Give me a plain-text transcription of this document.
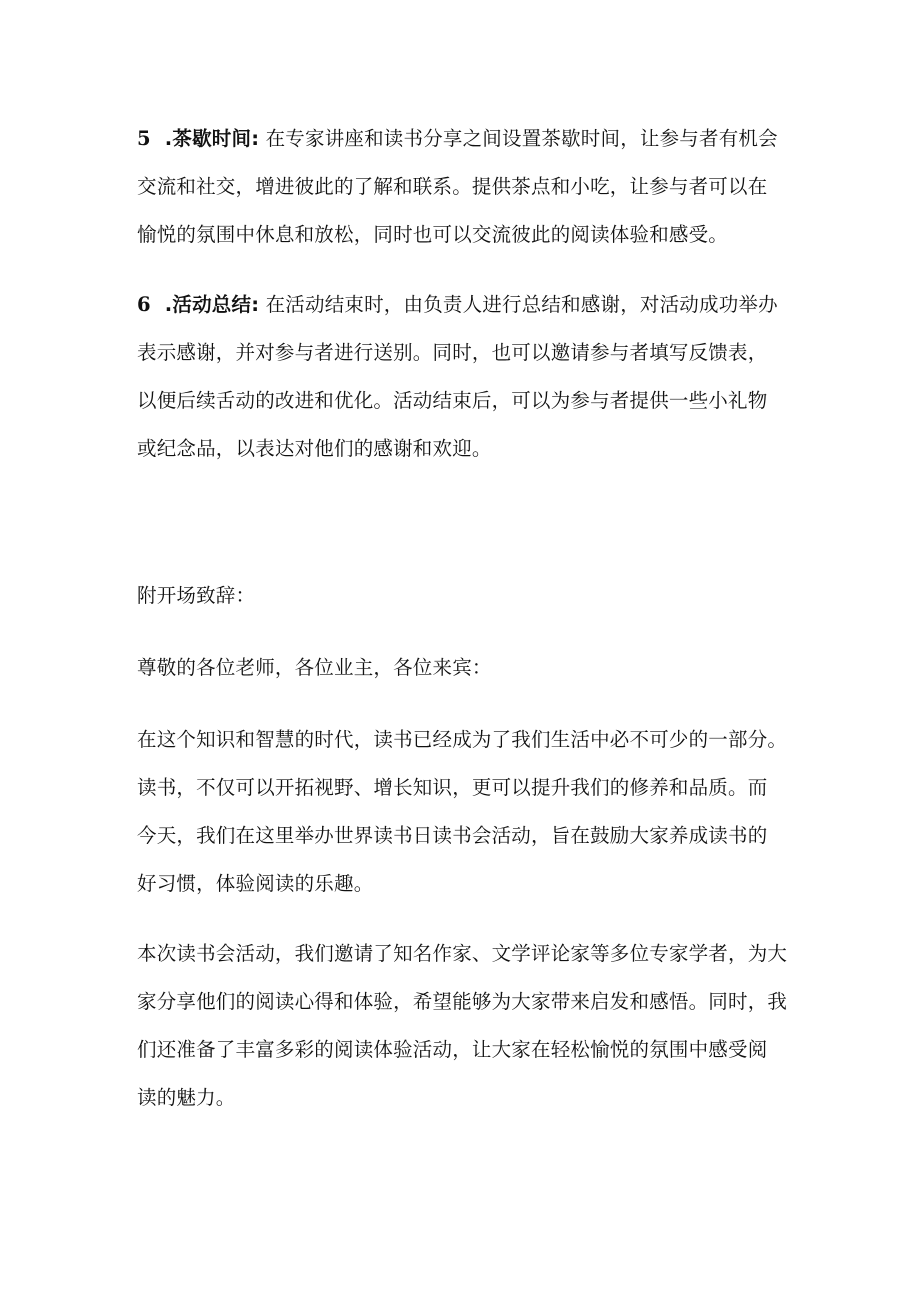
5 .茶歇时间: 在专家讲座和读书分享之间设置茶歇时间，让参与者有机会
交流和社交，增进彼此的了解和联系。提供茶点和小吃，让参与者可以在
愉悦的氛围中休息和放松，同时也可以交流彼此的阅读体验和感受。
6 .活动总结: 在活动结束时，由负责人进行总结和感谢，对活动成功举办
表示感谢，并对参与者进行送别。同时，也可以邀请参与者填写反馈表，
以便后续舌动的改进和优化。活动结束后，可以为参与者提供一些小礼物
或纪念品，以表达对他们的感谢和欢迎。
附开场致辞：
尊敬的各位老师，各位业主，各位来宾：
在这个知识和智慧的时代，读书已经成为了我们生活中必不可少的一部分。
读书，不仅可以开拓视野、增长知识，更可以提升我们的修养和品质。而
今天，我们在这里举办世界读书日读书会活动，旨在鼓励大家养成读书的
好习惯，体验阅读的乐趣。
本次读书会活动，我们邀请了知名作家、文学评论家等多位专家学者，为大
家分享他们的阅读心得和体验，希望能够为大家带来启发和感悟。同时，我
们还准备了丰富多彩的阅读体验活动，让大家在轻松愉悦的氛围中感受阅
读的魅力。
